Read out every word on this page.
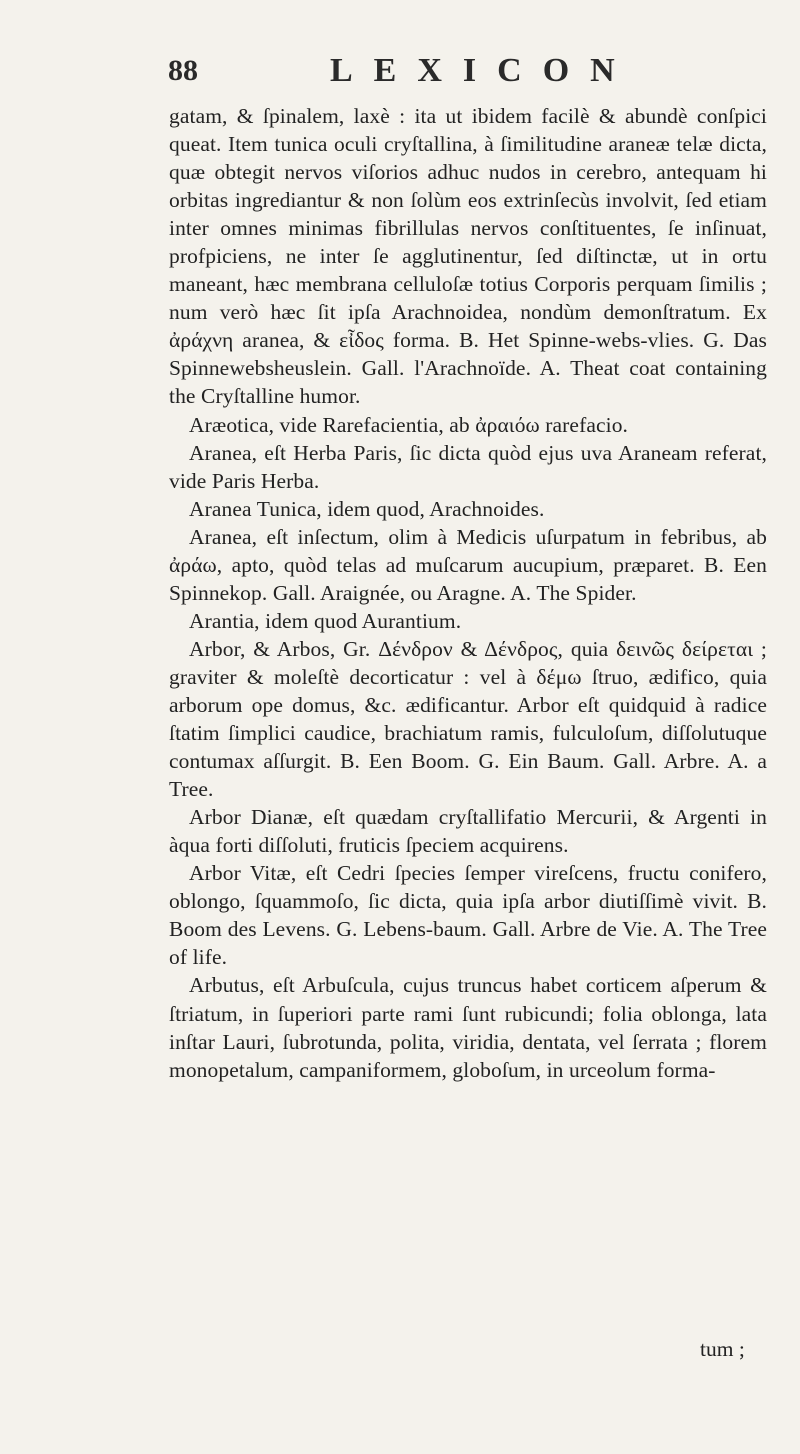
88	LEXICON

gatam, & ſpinalem, laxè : ita ut ibidem facilè & abundè conſpici queat. Item tunica oculi cryſtallina, à ſimilitudine araneæ telæ dicta, quæ obtegit nervos viſorios adhuc nudos in cerebro, antequam hi orbitas ingrediantur & non ſolùm eos extrinſecùs involvit, ſed etiam inter omnes minimas fibrillulas nervos conſtituentes, ſe inſinuat, profpiciens, ne inter ſe agglutinentur, ſed diſtinctæ, ut in ortu maneant, hæc membrana celluloſæ totius Corporis perquam ſimilis ; num verò hæc ſit ipſa Arachnoidea, nondùm demonſtratum. Ex ἀράχνη aranea, & εἶδος forma. B. Het Spinne-webs-vlies. G. Das Spinnewebsheuslein. Gall. l'Arachnoïde. A. Theat coat containing the Cryſtalline humor.

Aræotica, vide Rarefacientia, ab ἀραιόω rarefacio.

Aranea, eſt Herba Paris, ſic dicta quòd ejus uva Araneam referat, vide Paris Herba.

Aranea Tunica, idem quod, Arachnoides.

Aranea, eſt inſectum, olim à Medicis uſurpatum in febribus, ab ἀράω, apto, quòd telas ad muſcarum aucupium, præparet. B. Een Spinnekop. Gall. Araignée, ou Aragne. A. The Spider.

Arantia, idem quod Aurantium.

Arbor, & Arbos, Gr. Δένδρον & Δένδρος, quia δεινῶς δείρεται ; graviter & moleſtè decorticatur : vel à δέμω ſtruo, ædifico, quia arborum ope domus, &c. ædificantur. Arbor eſt quidquid à radice ſtatim ſimplici caudice, brachiatum ramis, fulculoſum, diſſolutuque contumax aſſurgit. B. Een Boom. G. Ein Baum. Gall. Arbre. A. a Tree.

Arbor Dianæ, eſt quædam cryſtallifatio Mercurii, & Argenti in àqua forti diſſoluti, fruticis ſpeciem acquirens.

Arbor Vitæ, eſt Cedri ſpecies ſemper vireſcens, fructu conifero, oblongo, ſquammoſo, ſic dicta, quia ipſa arbor diutiſſimè vivit. B. Boom des Levens. G. Lebens-baum. Gall. Arbre de Vie. A. The Tree of life.

Arbutus, eſt Arbuſcula, cujus truncus habet corticem aſperum & ſtriatum, in ſuperiori parte rami ſunt rubicundi; folia oblonga, lata inſtar Lauri, ſubrotunda, polita, viridia, dentata, vel ſerrata ; florem monopetalum, campaniformem, globoſum, in urceolum forma-

tum ;
